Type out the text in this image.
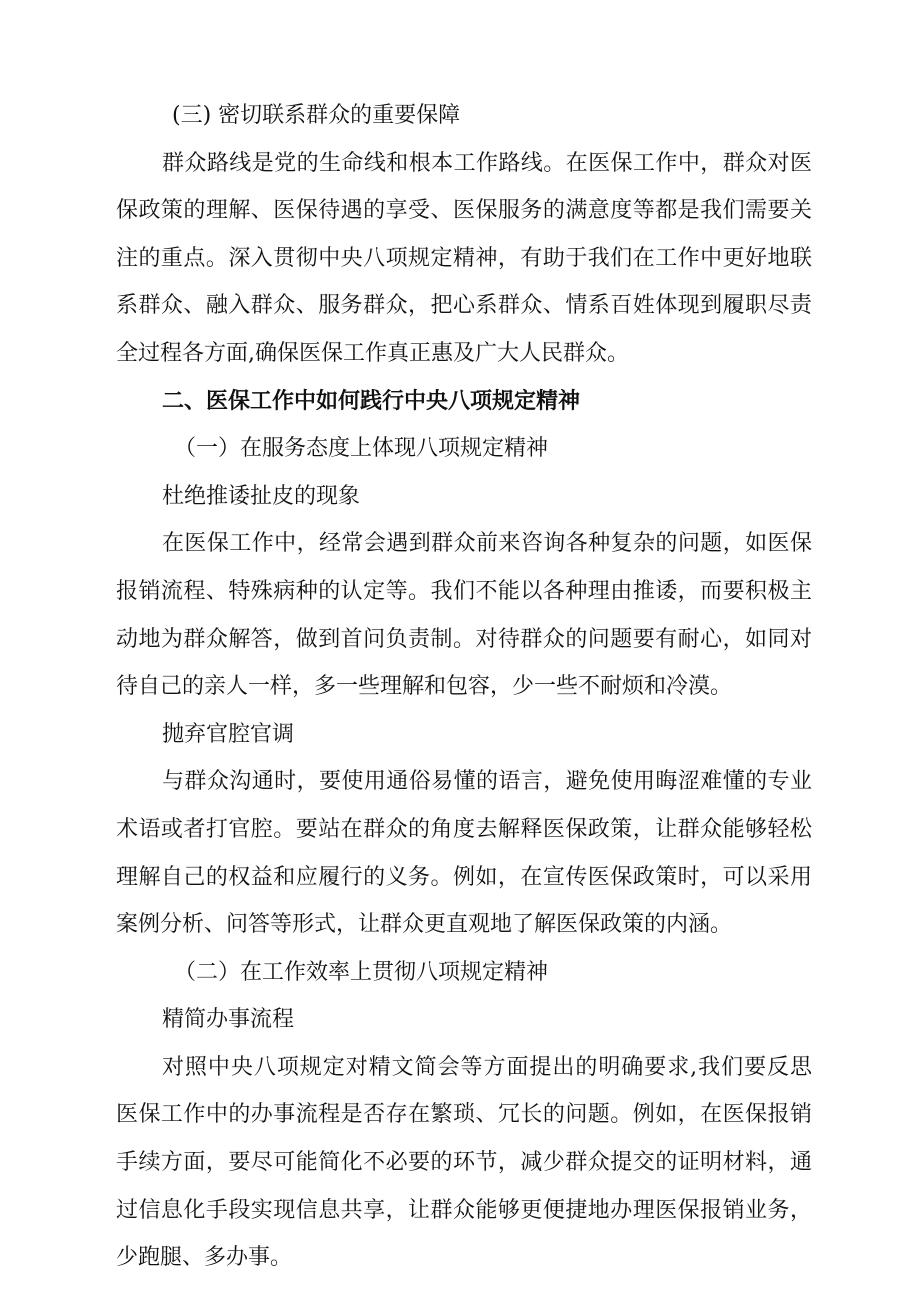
(三) 密切联系群众的重要保障
群众路线是党的生命线和根本工作路线。在医保工作中，群众对医
保政策的理解、医保待遇的享受、医保服务的满意度等都是我们需要关
注的重点。深入贯彻中央八项规定精神，有助于我们在工作中更好地联
系群众、融入群众、服务群众，把心系群众、情系百姓体现到履职尽责
全过程各方面,确保医保工作真正惠及广大人民群众。
二、医保工作中如何践行中央八项规定精神
（一）在服务态度上体现八项规定精神
杜绝推诿扯皮的现象
在医保工作中，经常会遇到群众前来咨询各种复杂的问题，如医保
报销流程、特殊病种的认定等。我们不能以各种理由推诿，而要积极主
动地为群众解答，做到首问负责制。对待群众的问题要有耐心，如同对
待自己的亲人一样，多一些理解和包容，少一些不耐烦和冷漠。
抛弃官腔官调
与群众沟通时，要使用通俗易懂的语言，避免使用晦涩难懂的专业
术语或者打官腔。要站在群众的角度去解释医保政策，让群众能够轻松
理解自己的权益和应履行的义务。例如，在宣传医保政策时，可以采用
案例分析、问答等形式，让群众更直观地了解医保政策的内涵。
（二）在工作效率上贯彻八项规定精神
精简办事流程
对照中央八项规定对精文简会等方面提出的明确要求,我们要反思
医保工作中的办事流程是否存在繁琐、冗长的问题。例如，在医保报销
手续方面，要尽可能简化不必要的环节，减少群众提交的证明材料，通
过信息化手段实现信息共享，让群众能够更便捷地办理医保报销业务，
少跑腿、多办事。
